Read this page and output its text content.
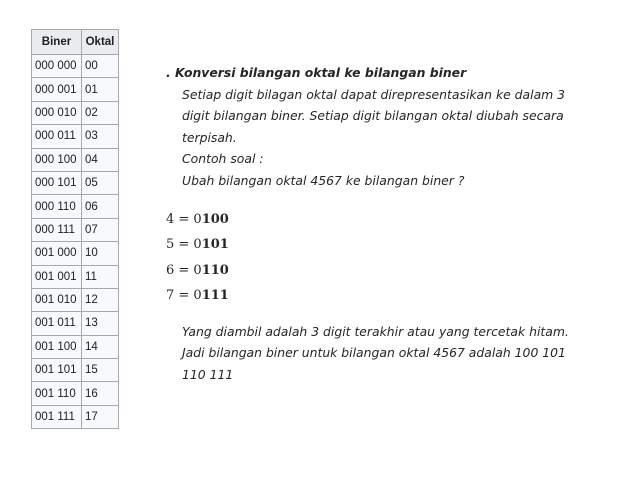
Biner	Oktal
000 000	00
000 001	01
000 010	02
000 011	03
000 100	04
000 101	05
000 110	06
000 111	07
001 000	10
001 001	11
001 010	12
001 011	13
001 100	14
001 101	15
001 110	16
001 111	17
. Konversi bilangan oktal ke bilangan biner
Setiap digit bilagan oktal dapat direpresentasikan ke dalam 3
digit bilangan biner. Setiap digit bilangan oktal diubah secara
terpisah.
Contoh soal :
Ubah bilangan oktal 4567 ke bilangan biner ?
4 = 0100
5 = 0101
6 = 0110
7 = 0111
Yang diambil adalah 3 digit terakhir atau yang tercetak hitam.
Jadi bilangan biner untuk bilangan oktal 4567 adalah 100 101
110 111
